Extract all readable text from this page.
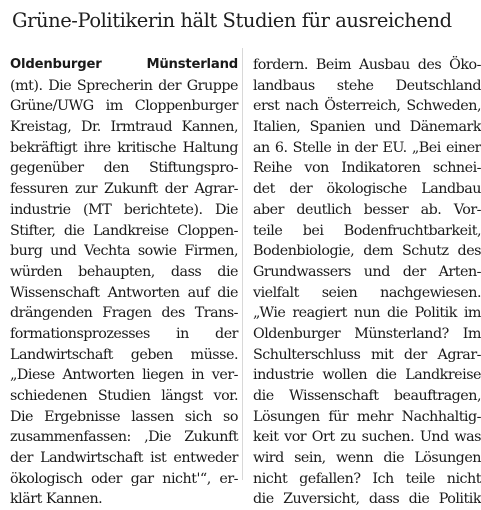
Grüne-Politikerin hält Studien für ausreichend
Oldenburger Münsterland
(mt). Die Sprecherin der Gruppe
Grüne/UWG im Cloppenburger
Kreistag, Dr. Irmtraud Kannen,
bekräftigt ihre kritische Haltung
gegenüber den Stiftungspro-
fessuren zur Zukunft der Agrar-
industrie (MT berichtete). Die
Stifter, die Landkreise Cloppen-
burg und Vechta sowie Firmen,
würden behaupten, dass die
Wissenschaft Antworten auf die
drängenden Fragen des Trans-
formationsprozesses in der
Landwirtschaft geben müsse.
„Diese Antworten liegen in ver-
schiedenen Studien längst vor.
Die Ergebnisse lassen sich so
zusammenfassen: ‚Die Zukunft
der Landwirtschaft ist entweder
ökologisch oder gar nicht'“, er-
klärt Kannen.
fordern. Beim Ausbau des Öko-
landbaus stehe Deutschland
erst nach Österreich, Schweden,
Italien, Spanien und Dänemark
an 6. Stelle in der EU. „Bei einer
Reihe von Indikatoren schnei-
det der ökologische Landbau
aber deutlich besser ab. Vor-
teile bei Bodenfruchtbarkeit,
Bodenbiologie, dem Schutz des
Grundwassers und der Arten-
vielfalt seien nachgewiesen.
„Wie reagiert nun die Politik im
Oldenburger Münsterland? Im
Schulterschluss mit der Agrar-
industrie wollen die Landkreise
die Wissenschaft beauftragen,
Lösungen für mehr Nachhaltig-
keit vor Ort zu suchen. Und was
wird sein, wenn die Lösungen
nicht gefallen? Ich teile nicht
die Zuversicht, dass die Politik
